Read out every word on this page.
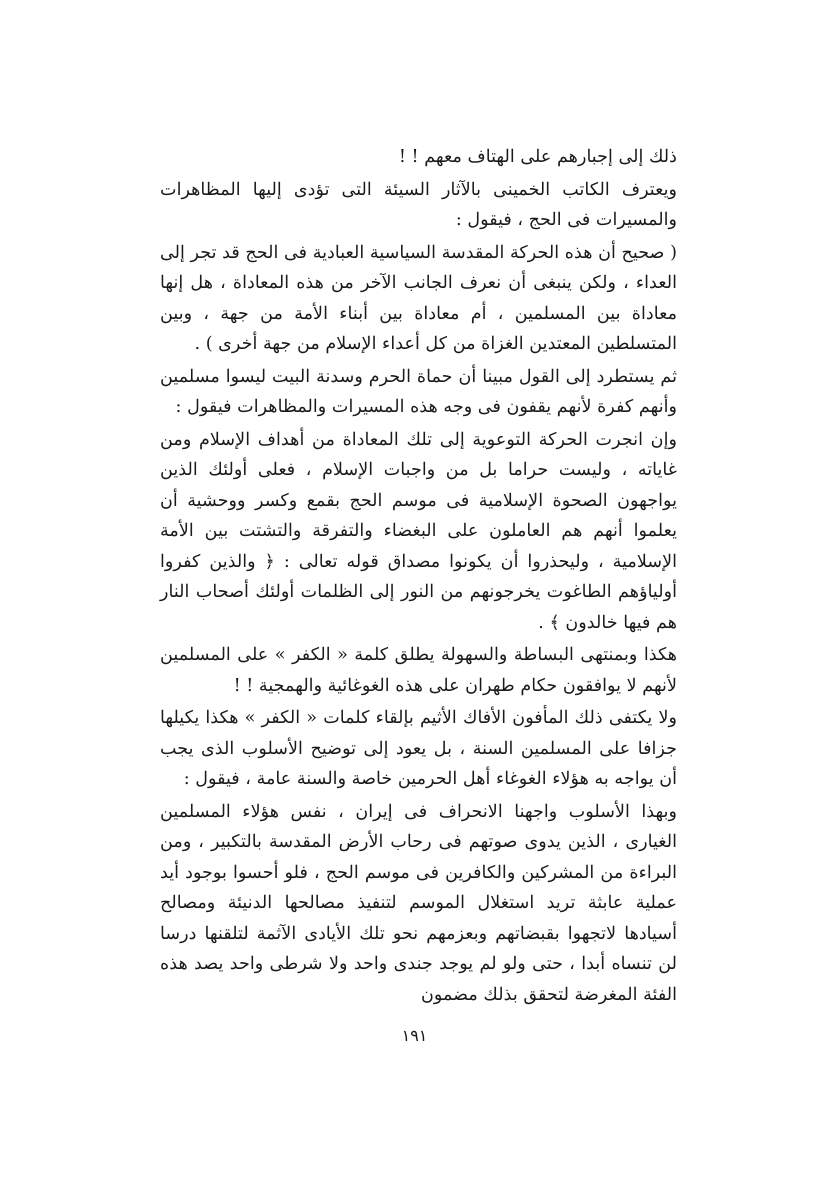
ذلك إلى إجبارهم على الهتاف معهم ! !

ويعترف الكاتب الخمينى بالآثار السيئة التى تؤدى إليها المظاهرات والمسيرات فى الحج ، فيقول :

( صحيح أن هذه الحركة المقدسة السياسية العبادية فى الحج قد تجر إلى العداء ، ولكن ينبغى أن نعرف الجانب الآخر من هذه المعاداة ، هل إنها معاداة بين المسلمين ، أم معاداة بين أبناء الأمة من جهة ، وبين المتسلطين المعتدين الغزاة من كل أعداء الإسلام من جهة أخرى ) .

ثم يستطرد إلى القول مبينا أن حماة الحرم وسدنة البيت ليسوا مسلمين وأنهم كفرة لأنهم يقفون فى وجه هذه المسيرات والمظاهرات فيقول :

وإن انجرت الحركة التوعوية إلى تلك المعاداة من أهداف الإسلام ومن غاياته ، وليست حراما بل من واجبات الإسلام ، فعلى أولئك الذين يواجهون الصحوة الإسلامية فى موسم الحج بقمع وكسر ووحشية أن يعلموا أنهم هم العاملون على البغضاء والتفرقة والتشتت بين الأمة الإسلامية ، وليحذروا أن يكونوا مصداق قوله تعالى : ﴿ والذين كفروا أولياؤهم الطاغوت يخرجونهم من النور إلى الظلمات أولئك أصحاب النار هم فيها خالدون ﴾ .

هكذا وبمنتهى البساطة والسهولة يطلق كلمة « الكفر » على المسلمين لأنهم لا يوافقون حكام طهران على هذه الغوغائية والهمجية ! !

ولا يكتفى ذلك المأفون الأفاك الأثيم بإلقاء كلمات « الكفر » هكذا يكيلها جزافا على المسلمين السنة ، بل يعود إلى توضيح الأسلوب الذى يجب أن يواجه به هؤلاء الغوغاء أهل الحرمين خاصة والسنة عامة ، فيقول :

وبهذا الأسلوب واجهنا الانحراف فى إيران ، نفس هؤلاء المسلمين الغيارى ، الذين يدوى صوتهم فى رحاب الأرض المقدسة بالتكبير ، ومن البراءة من المشركين والكافرين فى موسم الحج ، فلو أحسوا بوجود أيد عملية عابثة تريد استغلال الموسم لتنفيذ مصالحها الدنيئة ومصالح أسيادها لاتجهوا بقبضاتهم وبعزمهم نحو تلك الأيادى الآثمة لتلقنها درسا لن تنساه أبدا ، حتى ولو لم يوجد جندى واحد ولا شرطى واحد يصد هذه الفئة المغرضة لتحقق بذلك مضمون

١٩١
